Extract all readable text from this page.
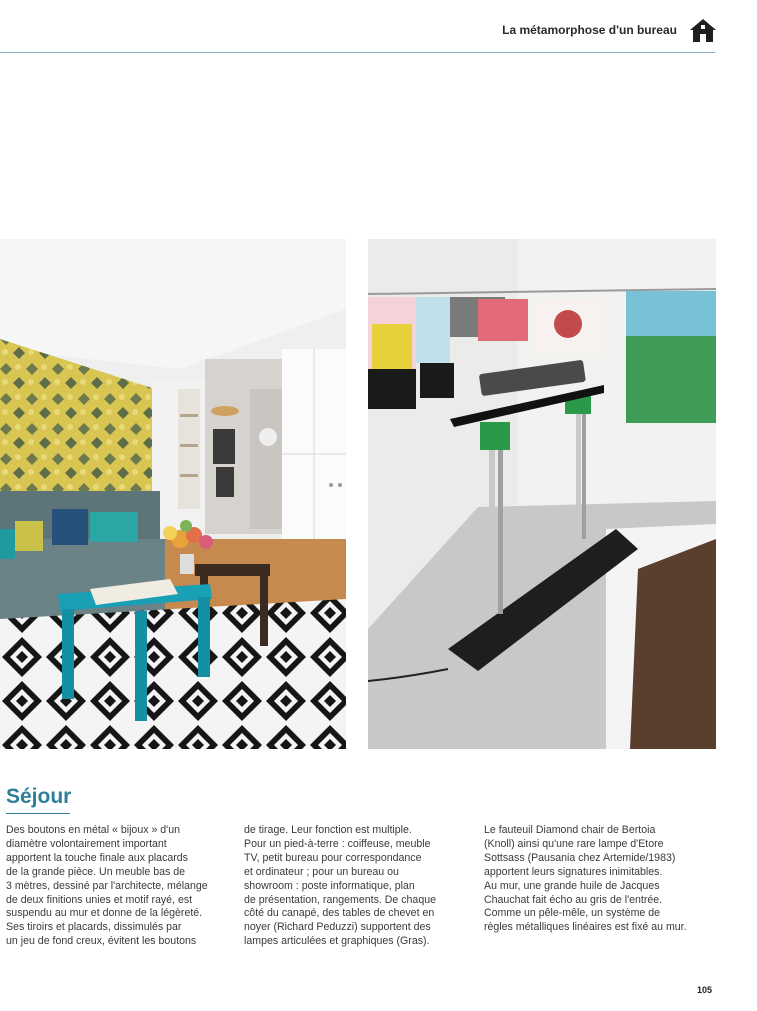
La métamorphose d'un bureau
Séjour

Des boutons en métal « bijoux » d'un

diamètre volontairement important

apportent la touche finale aux placards

de la grande pièce. Un meuble bas de

3 mètres, dessiné par l'architecte, mélange

de deux finitions unies et motif rayé, est

suspendu au mur et donne de la légèreté.

Ses tiroirs et placards, dissimulés par

un jeu de fond creux, évitent les boutons

de tirage. Leur fonction est multiple.

Pour un pied-à-terre : coiffeuse, meuble

TV, petit bureau pour correspondance

et ordinateur ; pour un bureau ou

showroom : poste informatique, plan

de présentation, rangements. De chaque

côté du canapé, des tables de chevet en

noyer (Richard Peduzzi) supportent des

lampes articulées et graphiques (Gras).

Le fauteuil Diamond chair de Bertoia

(Knoll) ainsi qu'une rare lampe d'Etore

Sottsass (Pausania chez Artemide/1983)

apportent leurs signatures inimitables.

Au mur, une grande huile de Jacques

Chauchat fait écho au gris de l'entrée.

Comme un pêle-mêle, un système de

règles métalliques linéaires est fixé au mur.

105
